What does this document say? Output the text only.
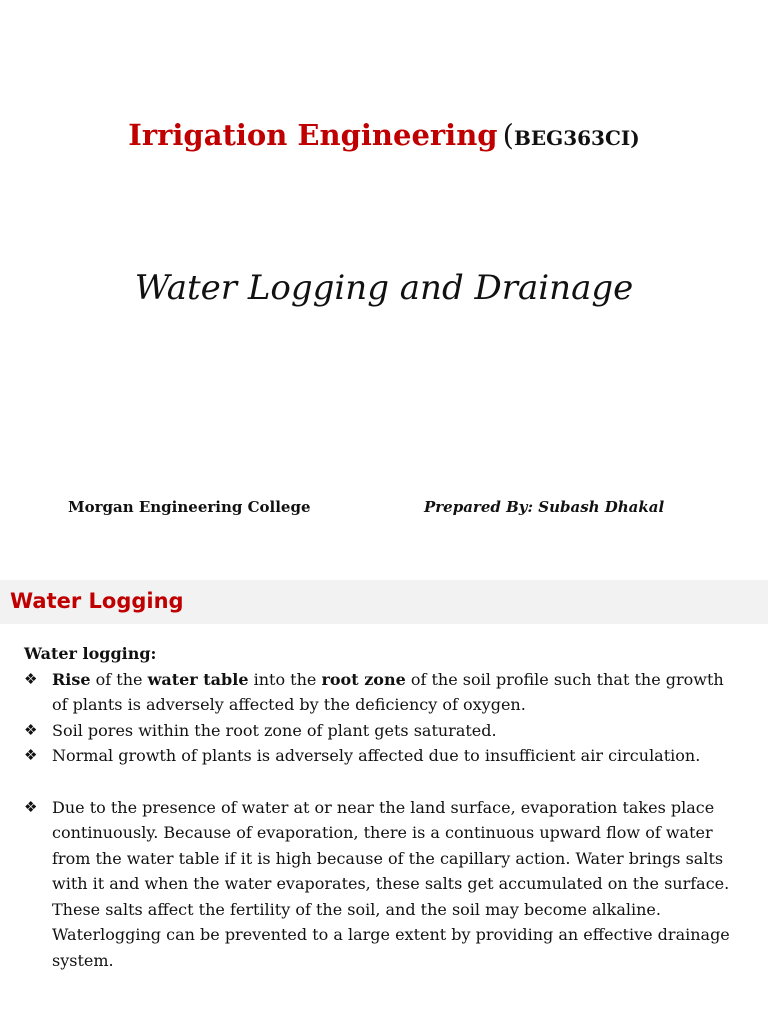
Irrigation Engineering (BEG363CI)
Water Logging and Drainage
Morgan Engineering College	Prepared By: Subash Dhakal
Water Logging
Water logging:
❖ Rise of the water table into the root zone of the soil profile such that the growth of plants is adversely affected by the deficiency of oxygen.
❖ Soil pores within the root zone of plant gets saturated.
❖ Normal growth of plants is adversely affected due to insufficient air circulation.
❖ Due to the presence of water at or near the land surface, evaporation takes place continuously. Because of evaporation, there is a continuous upward flow of water from the water table if it is high because of the capillary action. Water brings salts with it and when the water evaporates, these salts get accumulated on the surface. These salts affect the fertility of the soil, and the soil may become alkaline. Waterlogging can be prevented to a large extent by providing an effective drainage system.
